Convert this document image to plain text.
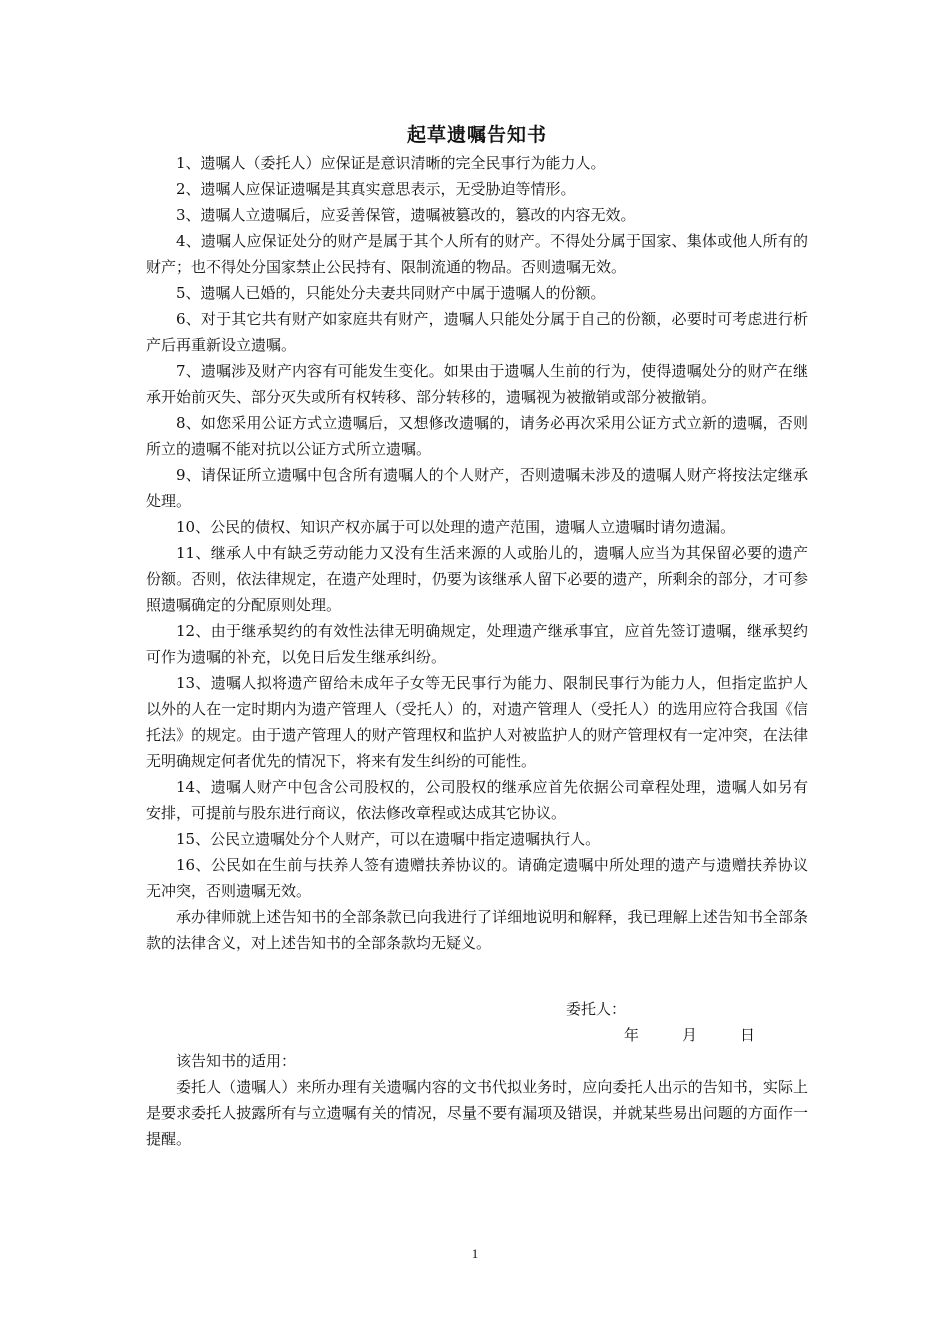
起草遗嘱告知书

1、遗嘱人（委托人）应保证是意识清晰的完全民事行为能力人。

2、遗嘱人应保证遗嘱是其真实意思表示，无受胁迫等情形。

3、遗嘱人立遗嘱后，应妥善保管，遗嘱被篡改的，篡改的内容无效。

4、遗嘱人应保证处分的财产是属于其个人所有的财产。不得处分属于国家、集体或他人所有的财产；也不得处分国家禁止公民持有、限制流通的物品。否则遗嘱无效。

5、遗嘱人已婚的，只能处分夫妻共同财产中属于遗嘱人的份额。

6、对于其它共有财产如家庭共有财产，遗嘱人只能处分属于自己的份额，必要时可考虑进行析产后再重新设立遗嘱。

7、遗嘱涉及财产内容有可能发生变化。如果由于遗嘱人生前的行为，使得遗嘱处分的财产在继承开始前灭失、部分灭失或所有权转移、部分转移的，遗嘱视为被撤销或部分被撤销。

8、如您采用公证方式立遗嘱后，又想修改遗嘱的，请务必再次采用公证方式立新的遗嘱，否则所立的遗嘱不能对抗以公证方式所立遗嘱。

9、请保证所立遗嘱中包含所有遗嘱人的个人财产，否则遗嘱未涉及的遗嘱人财产将按法定继承处理。

10、公民的债权、知识产权亦属于可以处理的遗产范围，遗嘱人立遗嘱时请勿遗漏。

11、继承人中有缺乏劳动能力又没有生活来源的人或胎儿的，遗嘱人应当为其保留必要的遗产份额。否则，依法律规定，在遗产处理时，仍要为该继承人留下必要的遗产，所剩余的部分，才可参照遗嘱确定的分配原则处理。

12、由于继承契约的有效性法律无明确规定，处理遗产继承事宜，应首先签订遗嘱，继承契约可作为遗嘱的补充，以免日后发生继承纠纷。

13、遗嘱人拟将遗产留给未成年子女等无民事行为能力、限制民事行为能力人，但指定监护人以外的人在一定时期内为遗产管理人（受托人）的，对遗产管理人（受托人）的选用应符合我国《信托法》的规定。由于遗产管理人的财产管理权和监护人对被监护人的财产管理权有一定冲突，在法律无明确规定何者优先的情况下，将来有发生纠纷的可能性。

14、遗嘱人财产中包含公司股权的，公司股权的继承应首先依据公司章程处理，遗嘱人如另有安排，可提前与股东进行商议，依法修改章程或达成其它协议。

15、公民立遗嘱处分个人财产，可以在遗嘱中指定遗嘱执行人。

16、公民如在生前与扶养人签有遗赠扶养协议的。请确定遗嘱中所处理的遗产与遗赠扶养协议无冲突，否则遗嘱无效。

承办律师就上述告知书的全部条款已向我进行了详细地说明和解释，我已理解上述告知书全部条款的法律含义，对上述告知书的全部条款均无疑义。

委托人：
年	月	日

该告知书的适用：

委托人（遗嘱人）来所办理有关遗嘱内容的文书代拟业务时，应向委托人出示的告知书，实际上是要求委托人披露所有与立遗嘱有关的情况，尽量不要有漏项及错误，并就某些易出问题的方面作一提醒。

1
